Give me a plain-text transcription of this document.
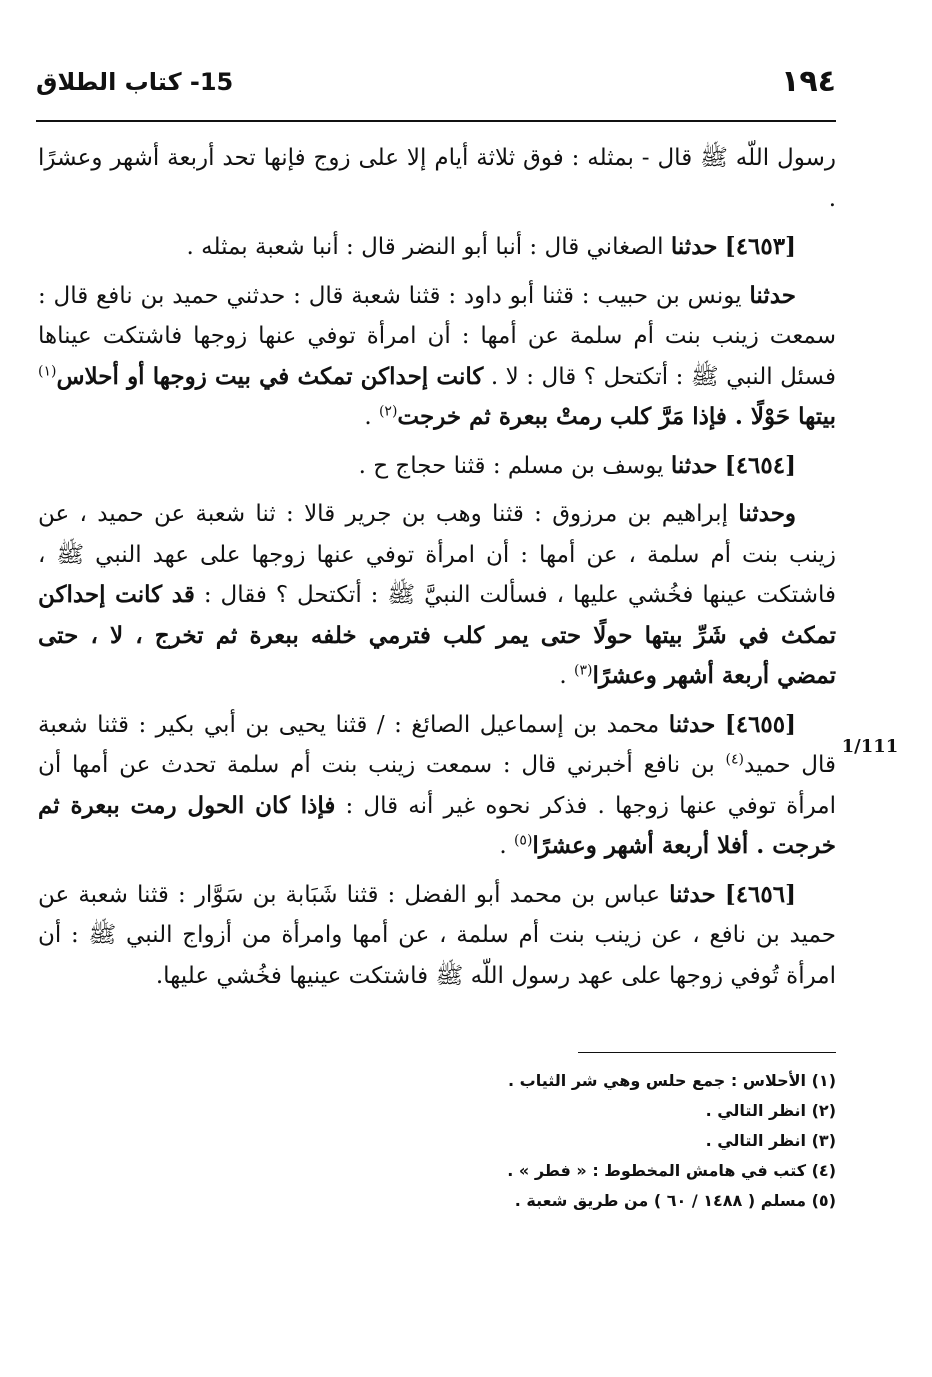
١٩٤
15- كتاب الطلاق
1/111

رسول اللّه ﷺ قال - بمثله : فوق ثلاثة أيام إلا على زوج فإنها تحد أربعة أشهر وعشرًا .

[٤٦٥٣] حدثنا الصغاني قال : أنبا أبو النضر قال : أنبا شعبة بمثله .

حدثنا يونس بن حبيب : قثنا أبو داود : قثنا شعبة قال : حدثني حميد بن نافع قال : سمعت زينب بنت أم سلمة عن أمها : أن امرأة توفي عنها زوجها فاشتكت عيناها فسئل النبي ﷺ : أتكتحل ؟ قال : لا . كانت إحداكن تمكث في بيت زوجها أو أحلاس$^{(١)}$ بيتها حَوْلًا . فإذا مَرَّ كلب رمتْ ببعرة ثم خرجت$^{(٢)}$ .

[٤٦٥٤] حدثنا يوسف بن مسلم : قثنا حجاج ح .

وحدثنا إبراهيم بن مرزوق : قثنا وهب بن جرير قالا : ثنا شعبة عن حميد ، عن زينب بنت أم سلمة ، عن أمها : أن امرأة توفي عنها زوجها على عهد النبي ﷺ ، فاشتكت عينها فخُشي عليها ، فسألت النبيَّ ﷺ : أتكتحل ؟ فقال : قد كانت إحداكن تمكث في شَرِّ بيتها حولًا حتى يمر كلب فترمي خلفه ببعرة ثم تخرج ، لا ، حتى تمضي أربعة أشهر وعشرًا$^{(٣)}$ .

[٤٦٥٥] حدثنا محمد بن إسماعيل الصائغ : / قثنا يحيى بن أبي بكير : قثنا شعبة قال حميد$^{(٤)}$ بن نافع أخبرني قال : سمعت زينب بنت أم سلمة تحدث عن أمها أن امرأة توفي عنها زوجها . فذكر نحوه غير أنه قال : فإذا كان الحول رمت ببعرة ثم خرجت . أفلا أربعة أشهر وعشرًا$^{(٥)}$ .

[٤٦٥٦] حدثنا عباس بن محمد أبو الفضل : قثنا شَبَابة بن سَوَّار : قثنا شعبة عن حميد بن نافع ، عن زينب بنت أم سلمة ، عن أمها وامرأة من أزواج النبي ﷺ : أن امرأة تُوفي زوجها على عهد رسول اللّه ﷺ فاشتكت عينيها فخُشي عليها.

(١) الأحلاس : جمع حلس وهي شر الثياب .
(٢) انظر التالي .
(٣) انظر التالي .
(٤) كتب في هامش المخطوط : « فطر » .
(٥) مسلم ( ١٤٨٨ / ٦٠ ) من طريق شعبة .
